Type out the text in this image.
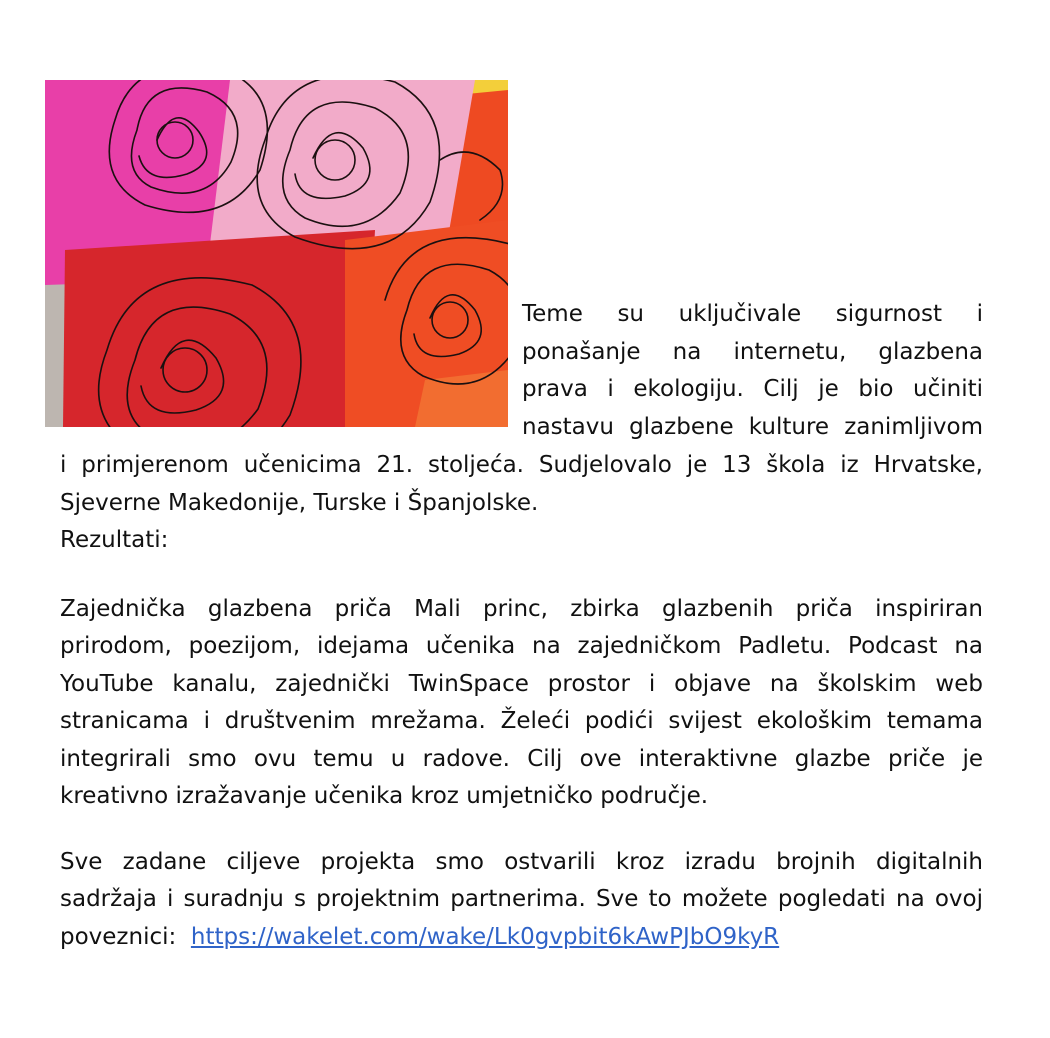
Teme su uključivale sigurnost i
ponašanje na internetu, glazbena
prava i ekologiju. Cilj je bio učiniti
nastavu glazbene kulture zanimljivom
i primjerenom učenicima 21. stoljeća. Sudjelovalo je 13 škola iz Hrvatske,
Sjeverne Makedonije, Turske i Španjolske.
Rezultati:
Zajednička glazbena priča Mali princ, zbirka glazbenih priča inspiriran
prirodom, poezijom, idejama učenika na zajedničkom Padletu. Podcast na
YouTube kanalu, zajednički TwinSpace prostor i objave na školskim web
stranicama i društvenim mrežama. Želeći podići svijest ekološkim temama
integrirali smo ovu temu u radove. Cilj ove interaktivne glazbe priče je
kreativno izražavanje učenika kroz umjetničko područje.
Sve zadane ciljeve projekta smo ostvarili kroz izradu brojnih digitalnih
sadržaja i suradnju s projektnim partnerima. Sve to možete pogledati na ovoj
poveznici: https://wakelet.com/wake/Lk0gvpbit6kAwPJbO9kyR
